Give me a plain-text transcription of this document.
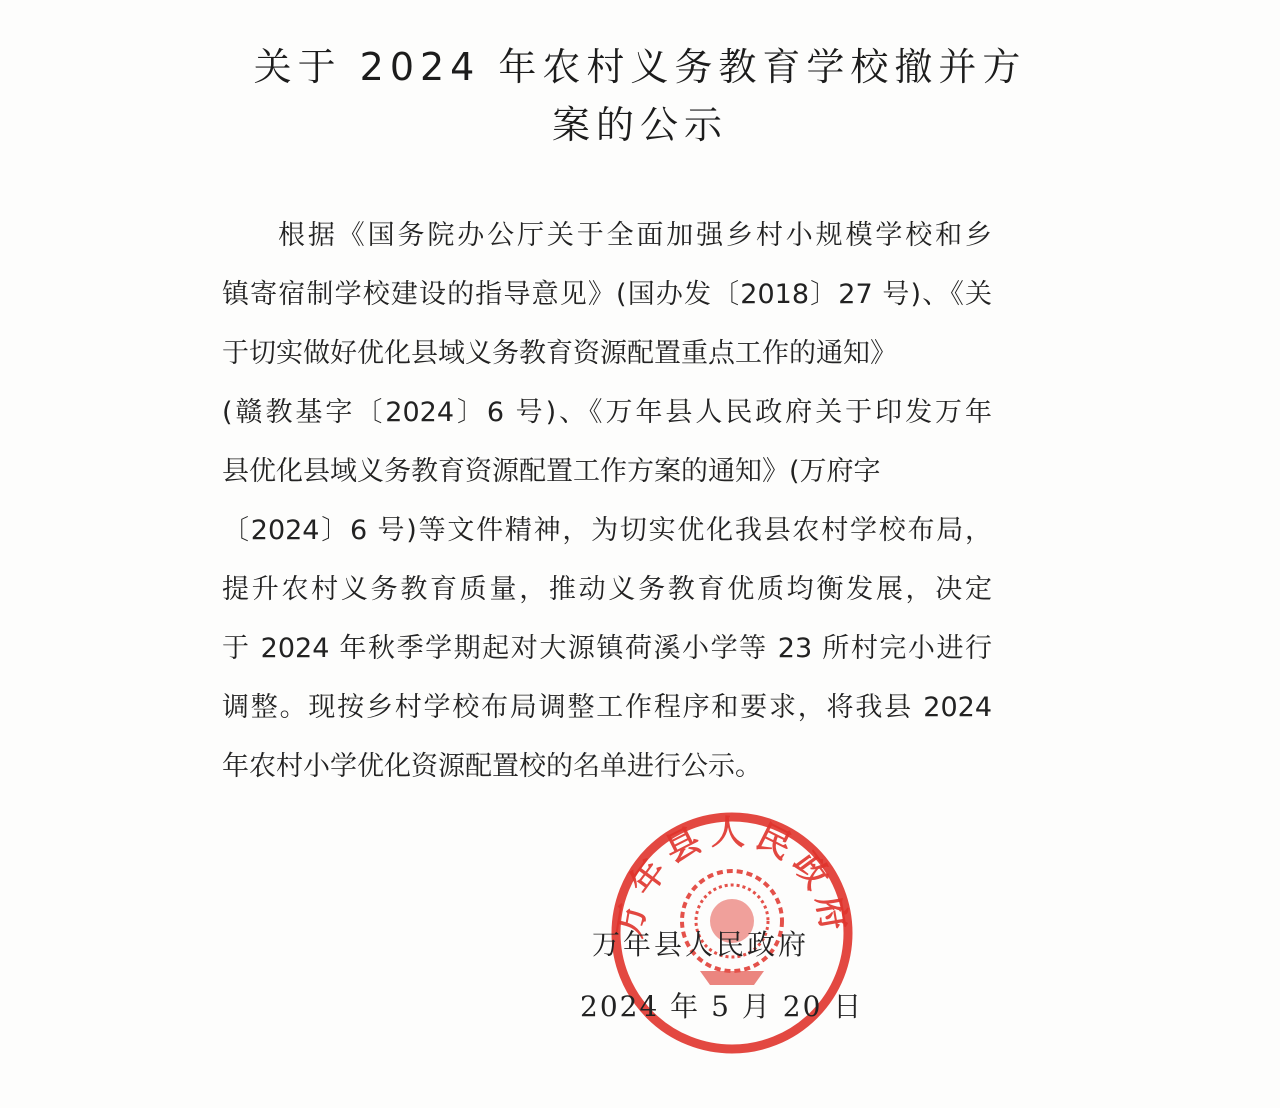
关于 2024 年农村义务教育学校撤并方
案的公示
根据《国务院办公厅关于全面加强乡村小规模学校和乡
镇寄宿制学校建设的指导意见》(国办发〔2018〕27 号)、《关
于切实做好优化县域义务教育资源配置重点工作的通知》
(赣教基字〔2024〕6 号)、《万年县人民政府关于印发万年
县优化县域义务教育资源配置工作方案的通知》(万府字
〔2024〕6 号)等文件精神，为切实优化我县农村学校布局，
提升农村义务教育质量，推动义务教育优质均衡发展，决定
于 2024 年秋季学期起对大源镇荷溪小学等 23 所村完小进行
调整。现按乡村学校布局调整工作程序和要求，将我县 2024
年农村小学优化资源配置校的名单进行公示。
万年县人民政府
万年县人民政府
2024 年 5 月 20 日
